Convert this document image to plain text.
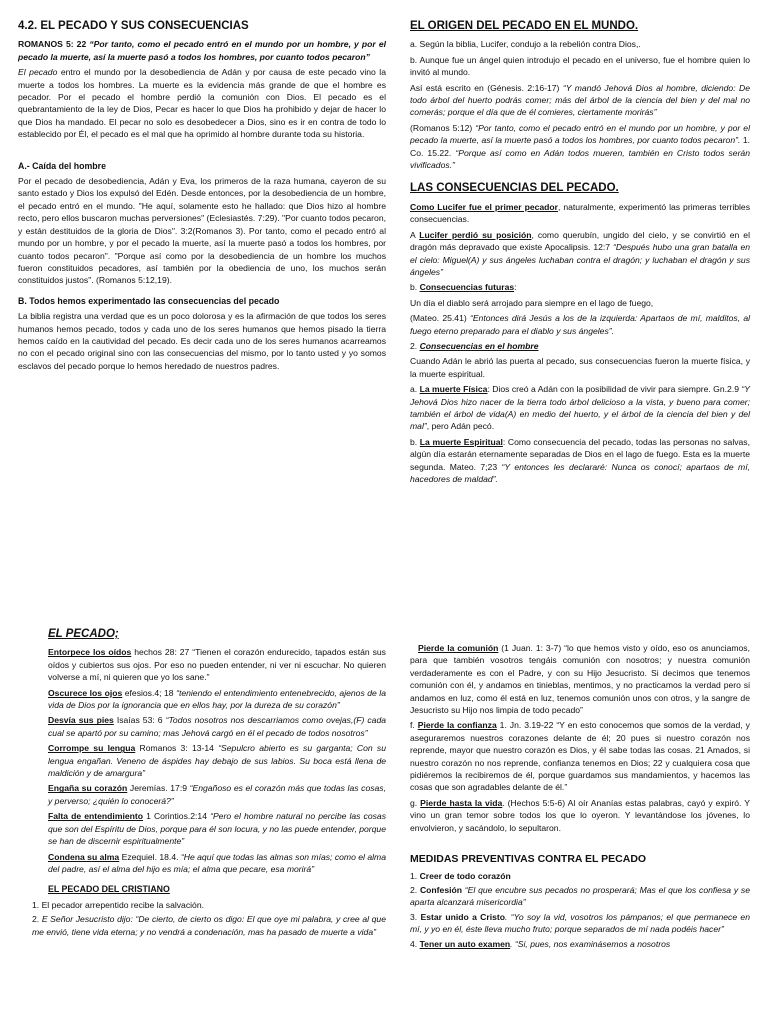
4.2. EL PECADO Y SUS CONSECUENCIAS

ROMANOS 5: 22 “Por tanto, como el pecado entró en el mundo por un hombre, y por el pecado la muerte, así la muerte pasó a todos los hombres, por cuanto todos pecaron”

El pecado entro el mundo por la desobediencia de Adán y por causa de este pecado vino la muerte a todos los hombres. La muerte es la evidencia más grande de que el hombre es pecador. Por el pecado el hombre perdió la comunión con Dios. El pecado es el quebrantamiento de la ley de Dios, Pecar es hacer lo que Dios ha prohibido y dejar de hacer lo que Dios ha mandado. El pecar no solo es desobedecer a Dios, sino es ir en contra de todo lo establecido por Él, el pecado es el mal que ha oprimido al hombre durante toda su historia.

A.- Caída del hombre

Por el pecado de desobediencia, Adán y Eva, los primeros de la raza humana, cayeron de su santo estado y Dios los expulsó del Edén. Desde entonces, por la desobediencia de un hombre, el pecado entró en el mundo. "He aquí, solamente esto he hallado: que Dios hizo al hombre recto, pero ellos buscaron muchas perversiones" (Eclesiastés. 7:29). "Por cuanto todos pecaron, y están destituidos de la gloria de Dios". 3:2(Romanos 3). Por tanto, como el pecado entró al mundo por un hombre, y por el pecado la muerte, así la muerte pasó a todos los hombres, por cuanto todos pecaron". "Porque así como por la desobediencia de un hombre los muchos fueron constituidos pecadores, así también por la obediencia de uno, los muchos serán constituidos justos". (Romanos 5:12,19).

B. Todos hemos experimentado las consecuencias del pecado

La biblia registra una verdad que es un poco dolorosa y es la afirmación de que todos los seres humanos hemos pecado, todos y cada uno de los seres humanos que hemos pisado la tierra hemos caído en la cautividad del pecado. Es decir cada uno de los seres humanos acarreamos no con el pecado original sino con las consecuencias del mismo, por lo tanto usted y yo somos esclavos del pecado porque lo hemos heredado de nuestros padres.

EL ORIGEN DEL PECADO EN EL MUNDO.

a. Según la biblia, Lucifer, condujo a la rebelión contra Dios,.

b. Aunque fue un ángel quien introdujo el pecado en el universo, fue el hombre quien lo invitó al mundo.

Así está escrito en (Génesis. 2:16-17) “Y mandó Jehová Dios al hombre, diciendo: De todo árbol del huerto podrás comer; más del árbol de la ciencia del bien y del mal no comerás; porque el día que de él comieres, ciertamente morirás”

(Romanos 5:12) “Por tanto, como el pecado entró en el mundo por un hombre, y por el pecado la muerte, así la muerte pasó a todos los hombres, por cuanto todos pecaron”. 1. Co. 15.22. “Porque así como en Adán todos mueren, también en Cristo todos serán vivificados.”

LAS CONSECUENCIAS DEL PECADO.

Como Lucifer fue el primer pecador, naturalmente, experimentó las primeras terribles consecuencias.

A Lucifer perdió su posición, como querubín, ungido del cielo, y se convirtió en el dragón más depravado que existe Apocalipsis. 12:7 “Después hubo una gran batalla en el cielo: Miguel(A) y sus ángeles luchaban contra el dragón; y luchaban el dragón y sus ángeles”

b. Consecuencias futuras:

Un día el diablo será arrojado para siempre en el lago de fuego,

(Mateo. 25.41) “Entonces dirá Jesús a los de la izquierda: Apartaos de mí, malditos, al fuego eterno preparado para el diablo y sus ángeles”.

2. Consecuencias en el hombre

Cuando Adán le abrió las puerta al pecado, sus consecuencias fueron la muerte física, y la muerte espiritual.

a. La muerte Física: Dios creó a Adán con la posibilidad de vivir para siempre. Gn.2.9 “Y Jehová Dios hizo nacer de la tierra todo árbol delicioso a la vista, y bueno para comer; también el árbol de vida(A) en medio del huerto, y el árbol de la ciencia del bien y del mal”, pero Adán pecó.

b. La muerte Espiritual: Como consecuencia del pecado, todas las personas no salvas, algún día estarán eternamente separadas de Dios en el lago de fuego. Esta es la muerte segunda. Mateo. 7;23 “Y entonces les declararé: Nunca os conocí; apartaos de mí, hacedores de maldad”.

EL PECADO;
Entorpece los oídos hechos 28: 27 “Tienen el corazón endurecido, tapados están sus oídos y cubiertos sus ojos. Por eso no pueden entender, ni ver ni escuchar. No quieren volverse a mí, ni quieren que yo los sane.”
Oscurece los ojos efesios.4; 18 “teniendo el entendimiento entenebrecido, ajenos de la vida de Dios por la ignorancia que en ellos hay, por la dureza de su corazón”
Desvía sus pies Isaías 53: 6 “Todos nosotros nos descarriamos como ovejas,(F) cada cual se apartó por su camino; mas Jehová cargó en él el pecado de todos nosotros”
Corrompe su lengua Romanos 3: 13-14 “Sepulcro abierto es su garganta; Con su lengua engañan. Veneno de áspides hay debajo de sus labios. Su boca está llena de maldición y de amargura”
Engaña su corazón Jeremías. 17:9 “Engañoso es el corazón más que todas las cosas, y perverso; ¿quién lo conocerá?”
Falta de entendimiento 1 Corintios.2:14 “Pero el hombre natural no percibe las cosas que son del Espíritu de Dios, porque para él son locura, y no las puede entender, porque se han de discernir espiritualmente”
Condena su alma Ezequiel. 18.4. “He aquí que todas las almas son mías; como el alma del padre, así el alma del hijo es mía; el alma que pecare, esa morirá”
EL PECADO DEL CRISTIANO
1. El pecador arrepentido recibe la salvación.
2. E Señor Jesucristo dijo: “De cierto, de cierto os digo: El que oye mi palabra, y cree al que me envió, tiene vida eterna; y no vendrá a condenación, mas ha pasado de muerte a vida”

Pierde la comunión (1 Juan. 1: 3-7) “lo que hemos visto y oído, eso os anunciamos, para que también vosotros tengáis comunión con nosotros; y nuestra comunión verdaderamente es con el Padre, y con su Hijo Jesucristo. Si decimos que tenemos comunión con él, y andamos en tinieblas, mentimos, y no practicamos la verdad pero si andamos en luz, como él está en luz, tenemos comunión unos con otros, y la sangre de Jesucristo su Hijo nos limpia de todo pecado”

f. Pierde la confianza 1. Jn. 3.19-22 “Y en esto conocemos que somos de la verdad, y aseguraremos nuestros corazones delante de él; 20 pues si nuestro corazón nos reprende, mayor que nuestro corazón es Dios, y él sabe todas las cosas. 21 Amados, si nuestro corazón no nos reprende, confianza tenemos en Dios; 22 y cualquiera cosa que pidiéremos la recibiremos de él, porque guardamos sus mandamientos, y hacemos las cosas que son agradables delante de él.”

g. Pierde hasta la vida. (Hechos 5:5-6) Al oír Ananías estas palabras, cayó y expiró. Y vino un gran temor sobre todos los que lo oyeron. Y levantándose los jóvenes, lo envolvieron, y sacándolo, lo sepultaron.

MEDIDAS PREVENTIVAS CONTRA EL PECADO
1. Creer de todo corazón
2. Confesión “El que encubre sus pecados no prosperará; Mas el que los confiesa y se aparta alcanzará misericordia”
3. Estar unido a Cristo. “Yo soy la vid, vosotros los pámpanos; el que permanece en mí, y yo en él, éste lleva mucho fruto; porque separados de mí nada podéis hacer”
4. Tener un auto examen. “Si, pues, nos examinásemos a nosotros
